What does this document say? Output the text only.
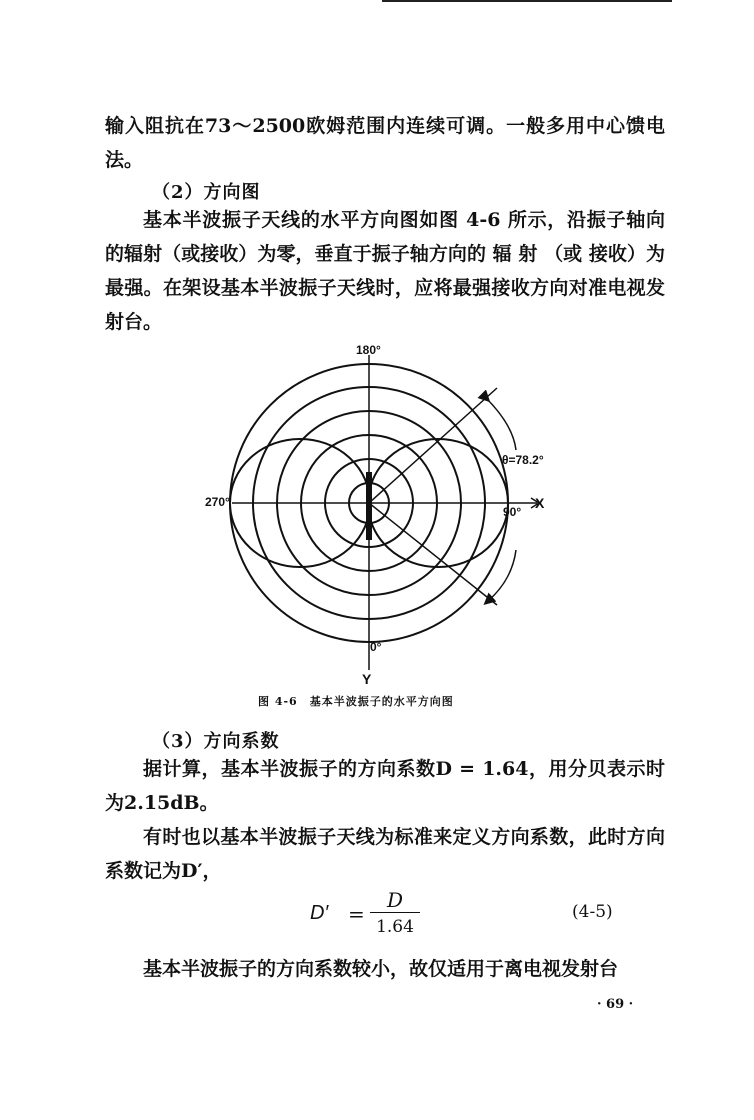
输入阻抗在73～2500欧姆范围内连续可调。一般多用中心馈电法。

（2）方向图

基本半波振子天线的水平方向图如图 4-6 所示，沿振子轴向的辐射（或接收）为零，垂直于振子轴方向的 辐 射 （或 接收）为最强。在架设基本半波振子天线时，应将最强接收方向对准电视发射台。

180°
270°
90°
X
0°
Y
θ=78.2°
图 4-6　基本半波振子的水平方向图
（3）方向系数

据计算，基本半波振子的方向系数D = 1.64，用分贝表示时为2.15dB。

有时也以基本半波振子天线为标准来定义方向系数，此时方向系数记为D′，

$D' = \frac{D}{1.64}$	(4-5)

基本半波振子的方向系数较小，故仅适用于离电视发射台

· 69 ·
